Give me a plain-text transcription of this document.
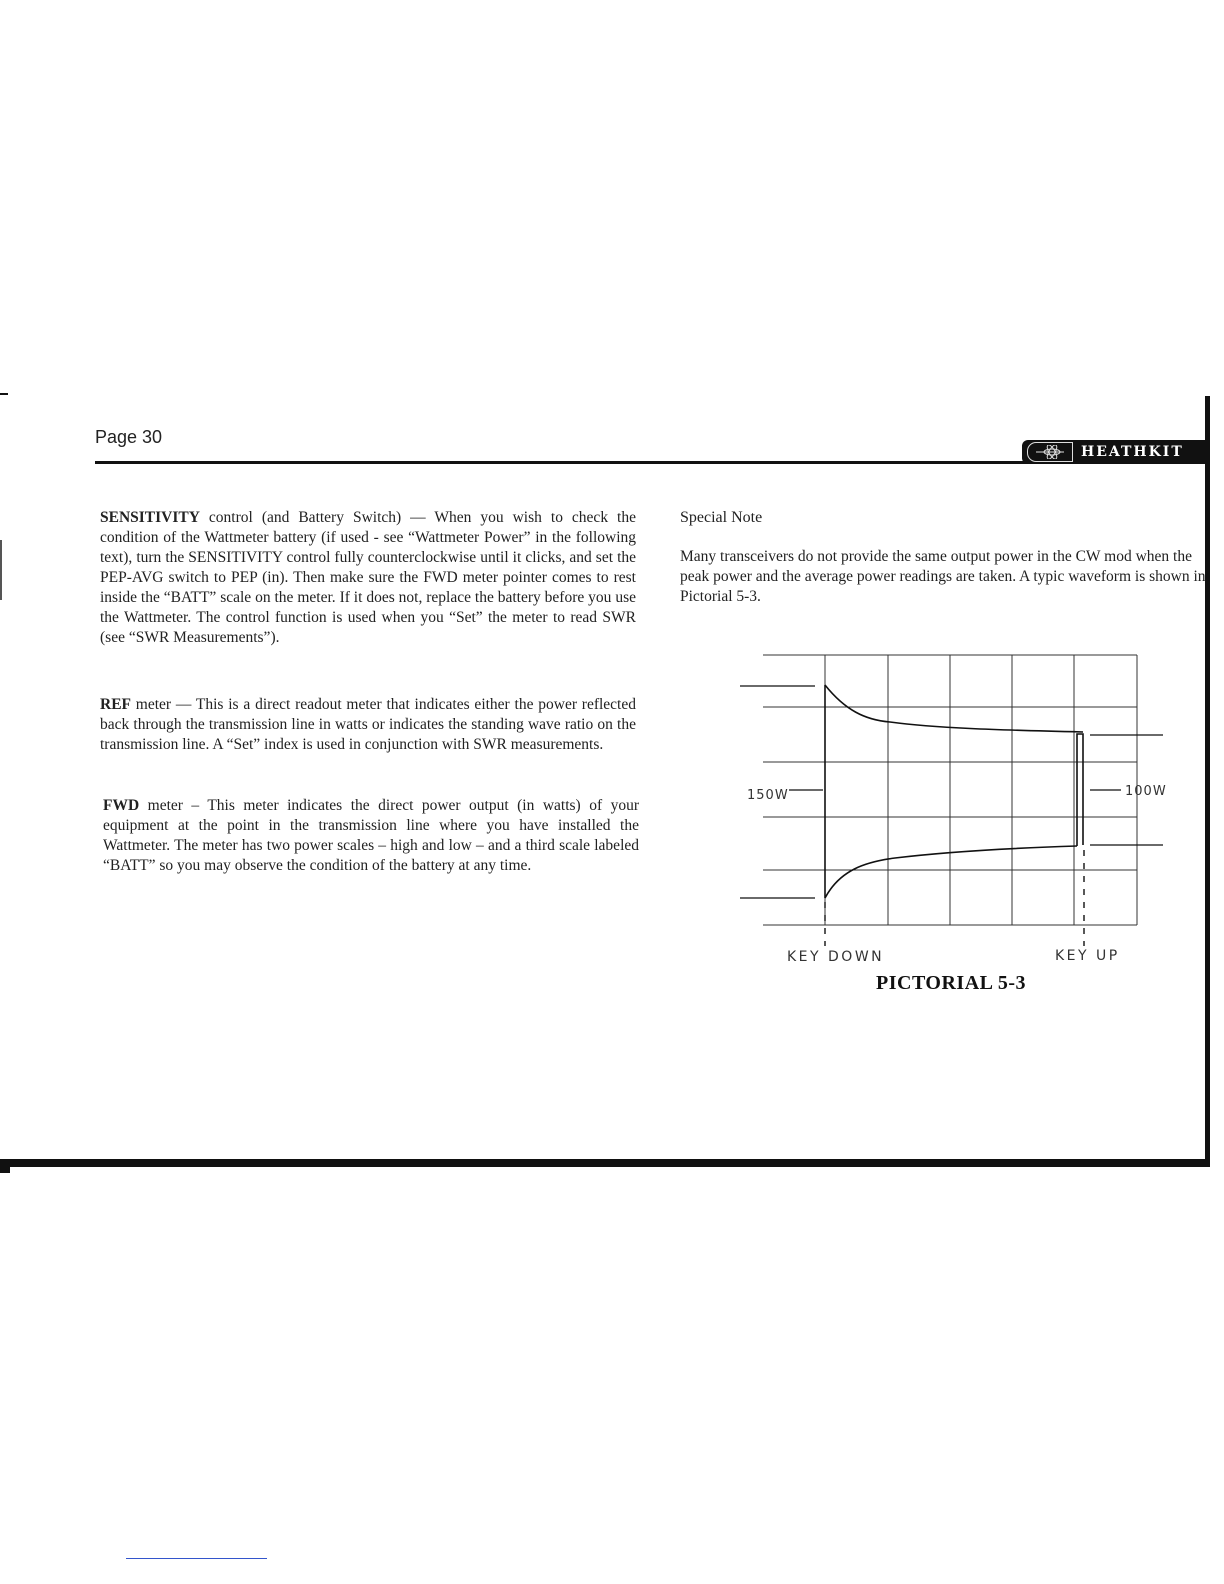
Page 30
HEATHKIT
SENSITIVITY control (and Battery Switch) — When you wish to check the condition of the Wattmeter battery (if used - see “Wattmeter Power” in the following text), turn the SENSITIVITY control fully counterclockwise until it clicks, and set the PEP-AVG switch to PEP (in). Then make sure the FWD meter pointer comes to rest inside the “BATT” scale on the meter. If it does not, replace the battery before you use the Wattmeter. The control function is used when you “Set” the meter to read SWR (see “SWR Measurements”).
REF meter — This is a direct readout meter that indicates either the power reflected back through the transmission line in watts or indicates the standing wave ratio on the transmission line. A “Set” index is used in conjunction with SWR measurements.
FWD meter – This meter indicates the direct power output (in watts) of your equipment at the point in the transmission line where you have installed the Wattmeter. The meter has two power scales – high and low – and a third scale labeled “BATT” so you may observe the condition of the battery at any time.
Special Note
Many transceivers do not provide the same output power in the CW mod when the peak power and the average power readings are taken. A typic waveform is shown in Pictorial 5-3.
150W	100W
KEY DOWN	KEY UP
PICTORIAL 5-3
